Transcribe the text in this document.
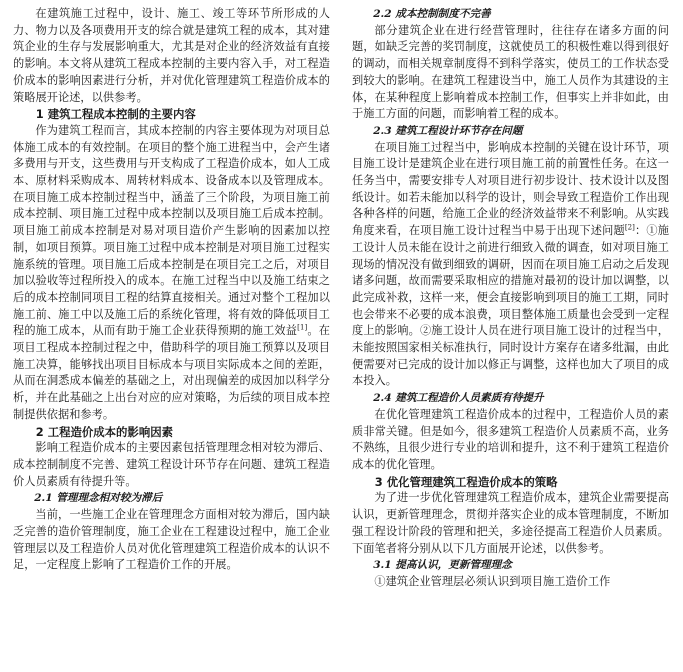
在建筑施工过程中，设计、施工、竣工等环节所形成的人力、物力以及各项费用开支的综合就是建筑工程的成本，其对建筑企业的生存与发展影响重大，尤其是对企业的经济效益有直接的影响。本文将从建筑工程成本控制的主要内容入手，对工程造价成本的影响因素进行分析，并对优化管理建筑工程造价成本的策略展开论述，以供参考。

1 建筑工程成本控制的主要内容

作为建筑工程而言，其成本控制的内容主要体现为对项目总体施工成本的有效控制。在项目的整个施工进程当中，会产生诸多费用与开支，这些费用与开支构成了工程造价成本，如人工成本、原材料采购成本、周转材料成本、设备成本以及管理成本。在项目施工成本控制过程当中，涵盖了三个阶段，为项目施工前成本控制、项目施工过程中成本控制以及项目施工后成本控制。项目施工前成本控制是对易对项目造价产生影响的因素加以控制，如项目预算。项目施工过程中成本控制是对项目施工过程实施系统的管理。项目施工后成本控制是在项目完工之后，对项目加以验收等过程所投入的成本。在施工过程当中以及施工结束之后的成本控制同项目工程的结算直接相关。通过对整个工程加以施工前、施工中以及施工后的系统化管理，将有效的降低项目工程的施工成本，从而有助于施工企业获得预期的施工效益[1]。在项目工程成本控制过程之中，借助科学的项目施工预算以及项目施工决算，能够找出项目目标成本与项目实际成本之间的差距，从而在洞悉成本偏差的基础之上，对出现偏差的成因加以科学分析，并在此基础之上出台对应的应对策略，为后续的项目成本控制提供依据和参考。

2 工程造价成本的影响因素

影响工程造价成本的主要因素包括管理理念相对较为滞后、成本控制制度不完善、建筑工程设计环节存在问题、建筑工程造价人员素质有待提升等。

2.1 管理理念相对较为滞后

当前，一些施工企业在管理理念方面相对较为滞后，国内缺乏完善的造价管理制度，施工企业在工程建设过程中，施工企业管理层以及工程造价人员对优化管理建筑工程造价成本的认识不足，一定程度上影响了工程造价工作的开展。

2.2 成本控制制度不完善

部分建筑企业在进行经营管理时，往往存在诸多方面的问题，如缺乏完善的奖罚制度，这就使员工的积极性难以得到很好的调动，而相关规章制度得不到科学落实，使员工的工作状态受到较大的影响。在建筑工程建设当中，施工人员作为其建设的主体，在某种程度上影响着成本控制工作，但事实上并非如此，由于施工方面的问题，而影响着工程的成本。

2.3 建筑工程设计环节存在问题

在项目施工过程当中，影响成本控制的关键在设计环节，项目施工设计是建筑企业在进行项目施工前的前置性任务。在这一任务当中，需要安排专人对项目进行初步设计、技术设计以及图纸设计。如若未能加以科学的设计，则会导致工程造价工作出现各种各样的问题，给施工企业的经济效益带来不利影响。从实践角度来看，在项目施工设计过程当中易于出现下述问题[2]：①施工设计人员未能在设计之前进行细致入微的调查，如对项目施工现场的情况没有做到细致的调研，因而在项目施工启动之后发现诸多问题，故而需要采取相应的措施对最初的设计加以调整，以此完成补救，这样一来，便会直接影响到项目的施工工期，同时也会带来不必要的成本浪费，项目整体施工质量也会受到一定程度上的影响。②施工设计人员在进行项目施工设计的过程当中，未能按照国家相关标准执行，同时设计方案存在诸多纰漏，由此便需要对已完成的设计加以修正与调整，这样也加大了项目的成本投入。

2.4 建筑工程造价人员素质有待提升

在优化管理建筑工程造价成本的过程中，工程造价人员的素质非常关键。但是如今，很多建筑工程造价人员素质不高，业务不熟练，且很少进行专业的培训和提升，这不利于建筑工程造价成本的优化管理。

3 优化管理建筑工程造价成本的策略

为了进一步优化管理建筑工程造价成本，建筑企业需要提高认识，更新管理理念，贯彻并落实企业的成本管理制度，不断加强工程设计阶段的管理和把关，多途径提高工程造价人员素质。下面笔者将分别从以下几方面展开论述，以供参考。

3.1 提高认识，更新管理理念

①建筑企业管理层必须认识到项目施工造价工作
